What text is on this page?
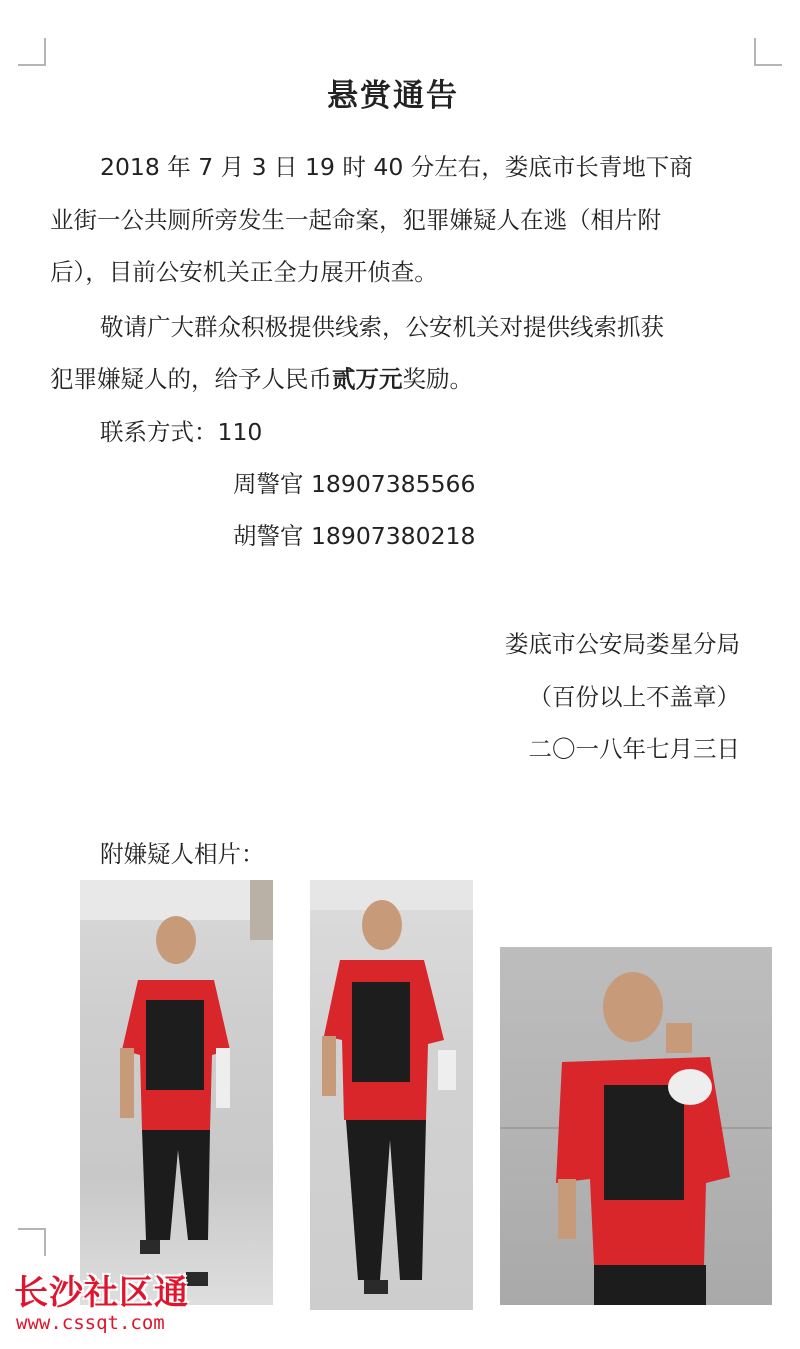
悬赏通告
2018 年 7 月 3 日 19 时 40 分左右，娄底市长青地下商
业街一公共厕所旁发生一起命案，犯罪嫌疑人在逃（相片附
后），目前公安机关正全力展开侦查。
敬请广大群众积极提供线索，公安机关对提供线索抓获
犯罪嫌疑人的，给予人民币贰万元奖励。
联系方式：110
周警官 18907385566
胡警官 18907380218
娄底市公安局娄星分局
（百份以上不盖章）
二〇一八年七月三日
附嫌疑人相片：
长沙社区通
www.cssqt.com
